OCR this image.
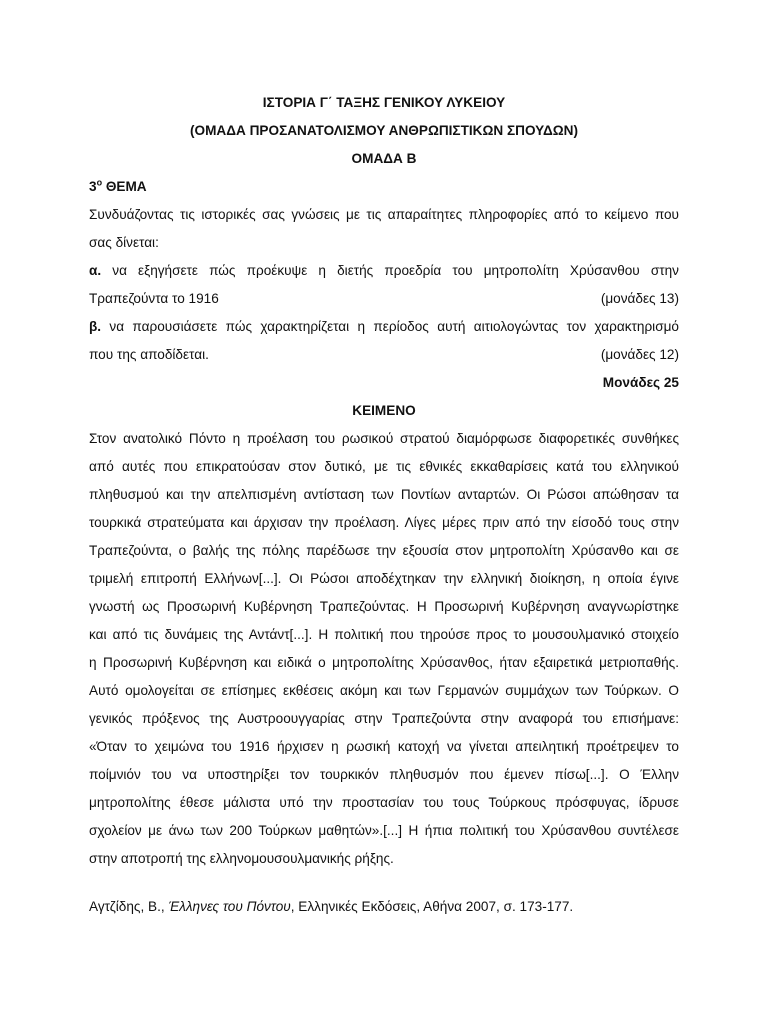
ΙΣΤΟΡΙΑ Γ΄ ΤΑΞΗΣ ΓΕΝΙΚΟΥ ΛΥΚΕΙΟΥ
(ΟΜΑΔΑ ΠΡΟΣΑΝΑΤΟΛΙΣΜΟΥ ΑΝΘΡΩΠΙΣΤΙΚΩΝ ΣΠΟΥΔΩΝ)
ΟΜΑΔΑ Β
$3^o$ ΘΕΜΑ
Συνδυάζοντας τις ιστορικές σας γνώσεις με τις απαραίτητες πληροφορίες από το κείμενο που
σας δίνεται:
α. να εξηγήσετε πώς προέκυψε η διετής προεδρία του μητροπολίτη Χρύσανθου στην
Τραπεζούντα το 1916	(μονάδες 13)
β. να παρουσιάσετε πώς χαρακτηρίζεται η περίοδος αυτή αιτιολογώντας τον χαρακτηρισμό
που της αποδίδεται.	(μονάδες 12)
Μονάδες 25
ΚΕΙΜΕΝΟ
Στον ανατολικό Πόντο η προέλαση του ρωσικού στρατού διαμόρφωσε διαφορετικές συνθήκες
από αυτές που επικρατούσαν στον δυτικό, με τις εθνικές εκκαθαρίσεις κατά του ελληνικού
πληθυσμού και την απελπισμένη αντίσταση των Ποντίων ανταρτών. Οι Ρώσοι απώθησαν τα
τουρκικά στρατεύματα και άρχισαν την προέλαση. Λίγες μέρες πριν από την είσοδό τους στην
Τραπεζούντα, ο βαλής της πόλης παρέδωσε την εξουσία στον μητροπολίτη Χρύσανθο και σε
τριμελή επιτροπή Ελλήνων[...]. Οι Ρώσοι αποδέχτηκαν την ελληνική διοίκηση, η οποία έγινε
γνωστή ως Προσωρινή Κυβέρνηση Τραπεζούντας. Η Προσωρινή Κυβέρνηση αναγνωρίστηκε
και από τις δυνάμεις της Αντάντ[...]. Η πολιτική που τηρούσε προς το μουσουλμανικό στοιχείο
η Προσωρινή Κυβέρνηση και ειδικά ο μητροπολίτης Χρύσανθος, ήταν εξαιρετικά μετριοπαθής.
Αυτό ομολογείται σε επίσημες εκθέσεις ακόμη και των Γερμανών συμμάχων των Τούρκων. Ο
γενικός πρόξενος της Αυστροουγγαρίας στην Τραπεζούντα στην αναφορά του επισήμανε:
«Όταν το χειμώνα του 1916 ήρχισεν η ρωσική κατοχή να γίνεται απειλητική προέτρεψεν το
ποίμνιόν του να υποστηρίξει τον τουρκικόν πληθυσμόν που έμενεν πίσω[...]. Ο Έλλην
μητροπολίτης έθεσε μάλιστα υπό την προστασίαν του τους Τούρκους πρόσφυγας, ίδρυσε
σχολείον με άνω των 200 Τούρκων μαθητών».[...] Η ήπια πολιτική του Χρύσανθου συντέλεσε
στην αποτροπή της ελληνομουσουλμανικής ρήξης.
Αγτζίδης, Β., Έλληνες του Πόντου, Ελληνικές Εκδόσεις, Αθήνα 2007, σ. 173-177.
